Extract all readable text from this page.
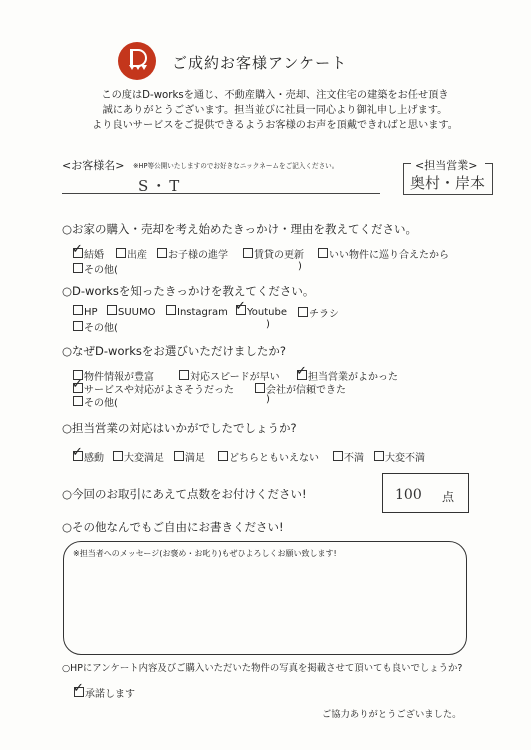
ご成約お客様アンケート
この度はD-worksを通じ、不動産購入・売却、注文住宅の建築をお任せ頂き
誠にありがとうございます。担当並びに社員一同心より御礼申し上げます。
より良いサービスをご提供できるようお客様のお声を頂戴できればと思います。
<お客様名> ※HP等公開いたしますのでお好きなニックネームをご記入ください。
S・T
<担当営業>
奥村・岸本
○お家の購入・売却を考え始めたきっかけ・理由を教えてください。
✓結婚	出産	お子様の進学	賃貸の更新	いい物件に巡り合えたから
その他(	)
○D-worksを知ったきっかけを教えてください。
HP	SUUMO	Instagram ✓	Youtube	チラシ
その他(	)
○なぜD-worksをお選びいただけましたか?
物件情報が豊富	対応スピードが早い ✓	担当営業がよかった
✓サービスや対応がよさそうだった	会社が信頼できた
その他(	)
○担当営業の対応はいかがでしたでしょうか?
✓感動	大変満足	満足	どちらともいえない	不満	大変不満
○今回のお取引にあえて点数をお付けください!	100 点
○その他なんでもご自由にお書きください!
※担当者へのメッセージ(お褒め・お叱り)もぜひよろしくお願い致します!
○HPにアンケート内容及びご購入いただいた物件の写真を掲載させて頂いても良いでしょうか?
✓承諾します
ご協力ありがとうございました。
